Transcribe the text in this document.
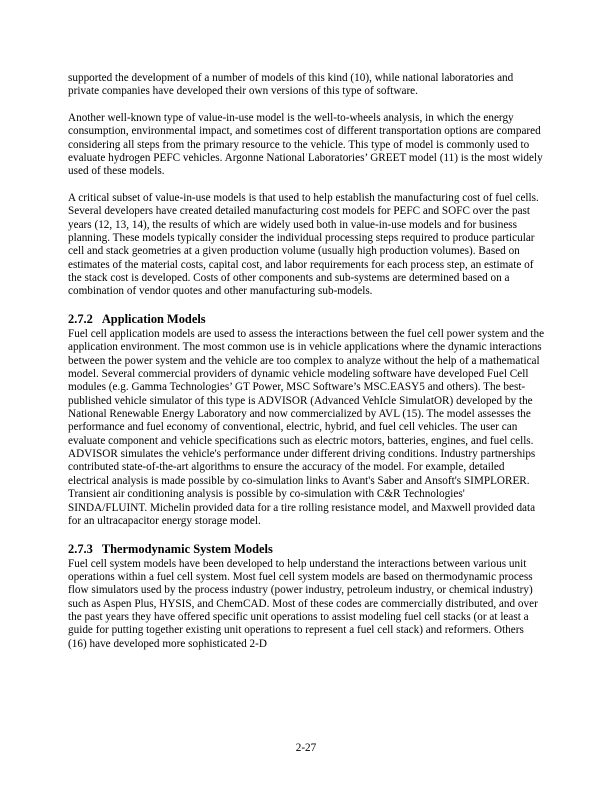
supported the development of a number of models of this kind (10), while national laboratories and private companies have developed their own versions of this type of software.

Another well-known type of value-in-use model is the well-to-wheels analysis, in which the energy consumption, environmental impact, and sometimes cost of different transportation options are compared considering all steps from the primary resource to the vehicle. This type of model is commonly used to evaluate hydrogen PEFC vehicles. Argonne National Laboratories’ GREET model (11) is the most widely used of these models.

A critical subset of value-in-use models is that used to help establish the manufacturing cost of fuel cells. Several developers have created detailed manufacturing cost models for PEFC and SOFC over the past years (12, 13, 14), the results of which are widely used both in value-in-use models and for business planning. These models typically consider the individual processing steps required to produce particular cell and stack geometries at a given production volume (usually high production volumes). Based on estimates of the material costs, capital cost, and labor requirements for each process step, an estimate of the stack cost is developed. Costs of other components and sub-systems are determined based on a combination of vendor quotes and other manufacturing sub-models.

2.7.2 Application Models

Fuel cell application models are used to assess the interactions between the fuel cell power system and the application environment. The most common use is in vehicle applications where the dynamic interactions between the power system and the vehicle are too complex to analyze without the help of a mathematical model. Several commercial providers of dynamic vehicle modeling software have developed Fuel Cell modules (e.g. Gamma Technologies’ GT Power, MSC Software’s MSC.EASY5 and others). The best-published vehicle simulator of this type is ADVISOR (Advanced VehIcle SimulatOR) developed by the National Renewable Energy Laboratory and now commercialized by AVL (15). The model assesses the performance and fuel economy of conventional, electric, hybrid, and fuel cell vehicles. The user can evaluate component and vehicle specifications such as electric motors, batteries, engines, and fuel cells. ADVISOR simulates the vehicle's performance under different driving conditions. Industry partnerships contributed state-of-the-art algorithms to ensure the accuracy of the model. For example, detailed electrical analysis is made possible by co-simulation links to Avant's Saber and Ansoft's SIMPLORER. Transient air conditioning analysis is possible by co-simulation with C&R Technologies' SINDA/FLUINT. Michelin provided data for a tire rolling resistance model, and Maxwell provided data for an ultracapacitor energy storage model.

2.7.3 Thermodynamic System Models

Fuel cell system models have been developed to help understand the interactions between various unit operations within a fuel cell system. Most fuel cell system models are based on thermodynamic process flow simulators used by the process industry (power industry, petroleum industry, or chemical industry) such as Aspen Plus, HYSIS, and ChemCAD. Most of these codes are commercially distributed, and over the past years they have offered specific unit operations to assist modeling fuel cell stacks (or at least a guide for putting together existing unit operations to represent a fuel cell stack) and reformers. Others (16) have developed more sophisticated 2-D

2-27
